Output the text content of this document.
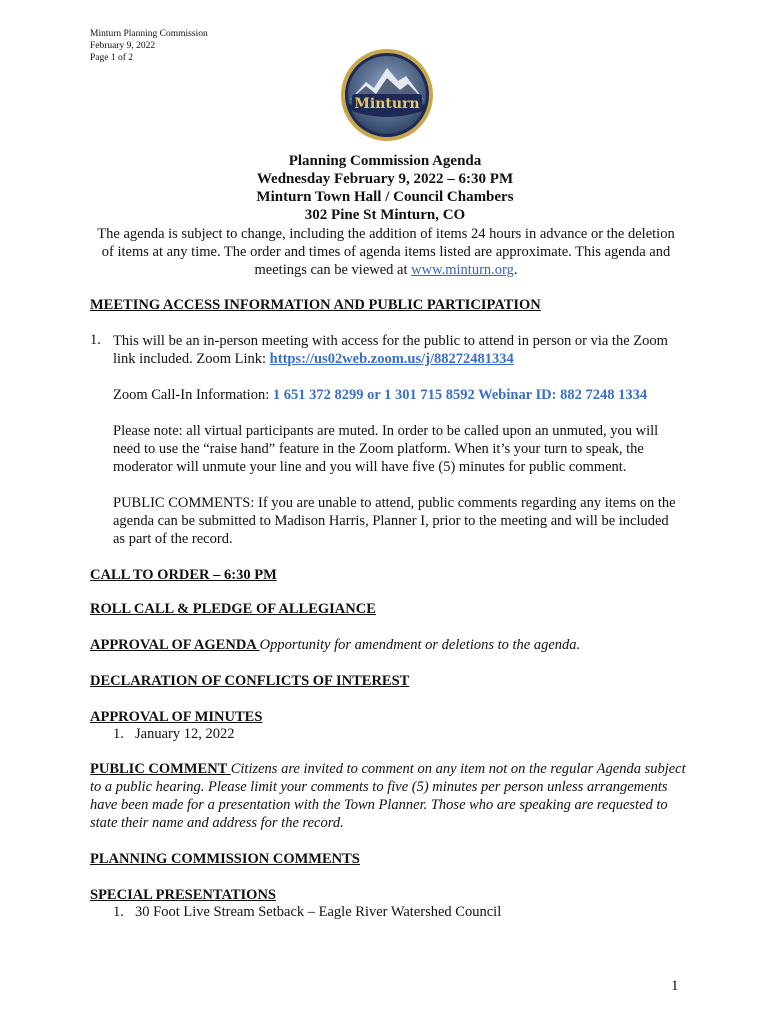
Minturn Planning Commission
February 9, 2022
Page 1 of 2
Minturn
Planning Commission Agenda
Wednesday February 9, 2022 – 6:30 PM
Minturn Town Hall / Council Chambers
302 Pine St Minturn, CO
The agenda is subject to change, including the addition of items 24 hours in advance or the deletion of items at any time. The order and times of agenda items listed are approximate. This agenda and meetings can be viewed at www.minturn.org.
MEETING ACCESS INFORMATION AND PUBLIC PARTICIPATION
1. This will be an in-person meeting with access for the public to attend in person or via the Zoom link included. Zoom Link: https://us02web.zoom.us/j/88272481334
Zoom Call-In Information: 1 651 372 8299 or 1 301 715 8592 Webinar ID: 882 7248 1334
Please note: all virtual participants are muted. In order to be called upon an unmuted, you will need to use the “raise hand” feature in the Zoom platform. When it’s your turn to speak, the moderator will unmute your line and you will have five (5) minutes for public comment.
PUBLIC COMMENTS: If you are unable to attend, public comments regarding any items on the agenda can be submitted to Madison Harris, Planner I, prior to the meeting and will be included as part of the record.
CALL TO ORDER – 6:30 PM
ROLL CALL & PLEDGE OF ALLEGIANCE
APPROVAL OF AGENDA Opportunity for amendment or deletions to the agenda.
DECLARATION OF CONFLICTS OF INTEREST
APPROVAL OF MINUTES
1. January 12, 2022
PUBLIC COMMENT Citizens are invited to comment on any item not on the regular Agenda subject to a public hearing. Please limit your comments to five (5) minutes per person unless arrangements have been made for a presentation with the Town Planner. Those who are speaking are requested to state their name and address for the record.
PLANNING COMMISSION COMMENTS
SPECIAL PRESENTATIONS
1. 30 Foot Live Stream Setback – Eagle River Watershed Council
1
